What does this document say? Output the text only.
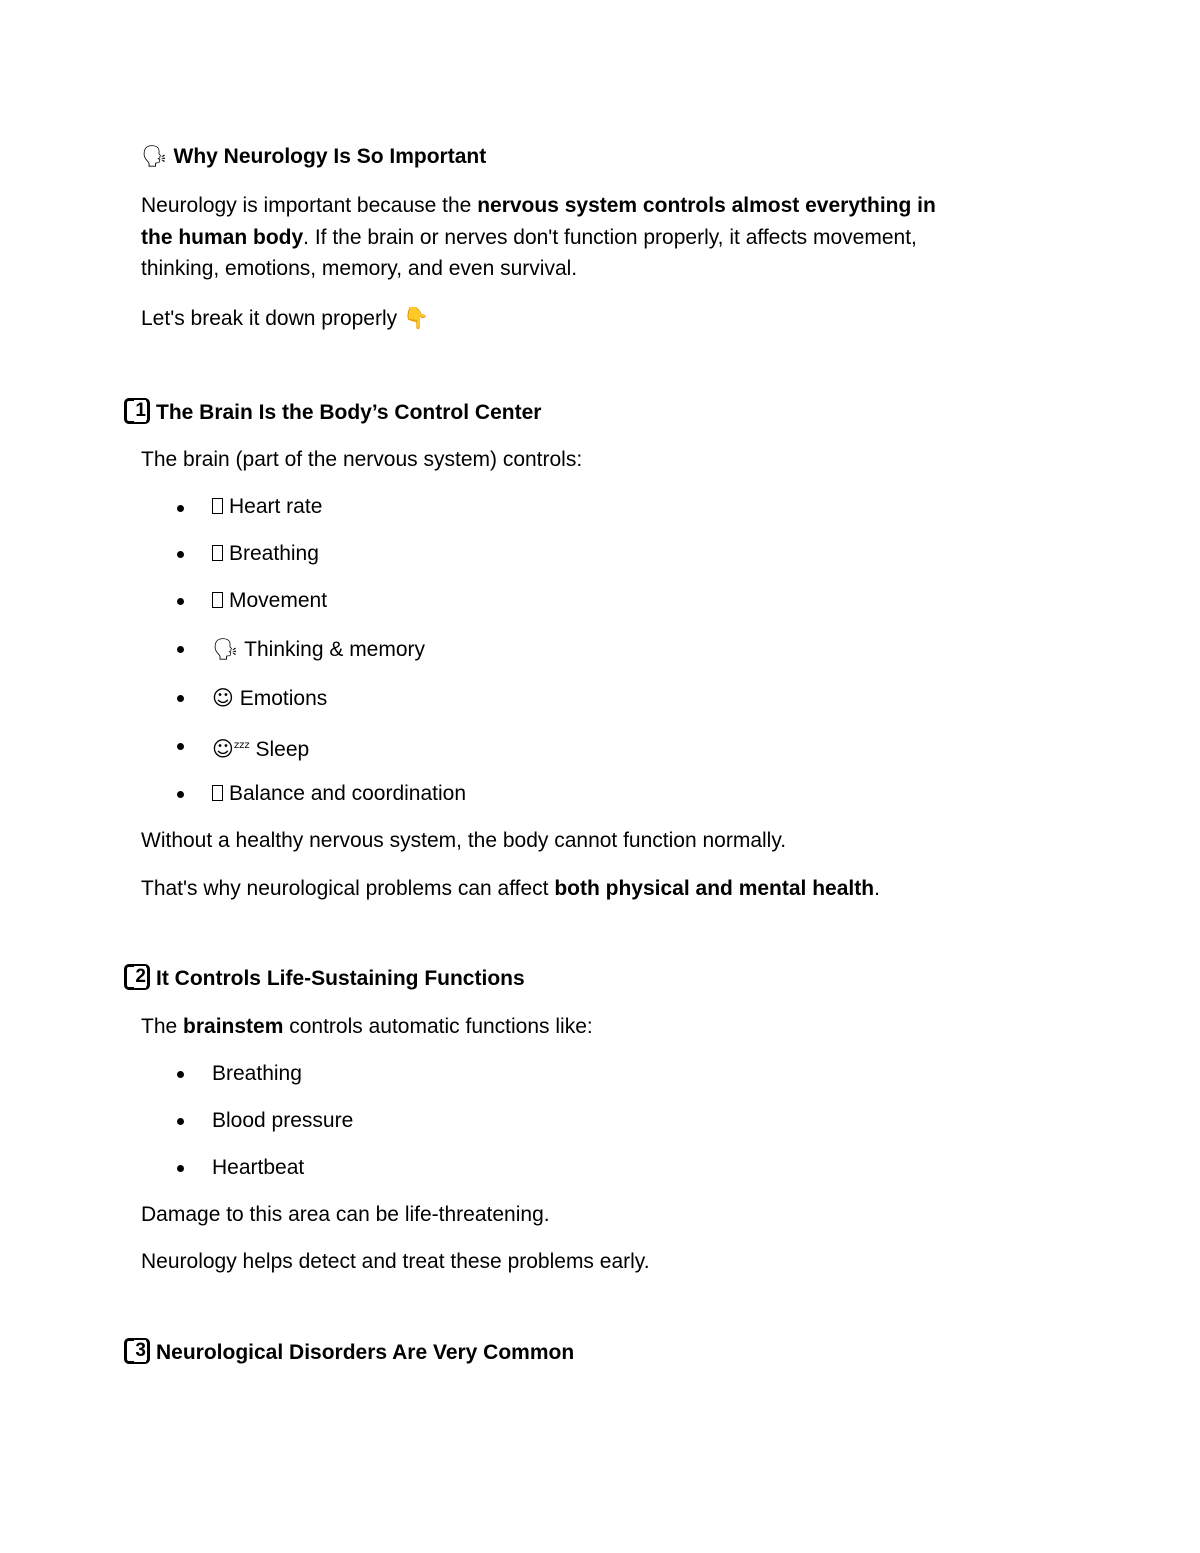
🗣 Why Neurology Is So Important
Neurology is important because the nervous system controls almost everything in
the human body. If the brain or nerves don't function properly, it affects movement,
thinking, emotions, memory, and even survival.
Let's break it down properly 👇
1 The Brain Is the Body’s Control Center
The brain (part of the nervous system) controls:
Heart rate
Breathing
Movement
🗣 Thinking & memory
☺ Emotions
☺$^{zzz}$ Sleep
Balance and coordination
Without a healthy nervous system, the body cannot function normally.
That's why neurological problems can affect both physical and mental health.
2 It Controls Life-Sustaining Functions
The brainstem controls automatic functions like:
Breathing
Blood pressure
Heartbeat
Damage to this area can be life-threatening.
Neurology helps detect and treat these problems early.
3 Neurological Disorders Are Very Common
